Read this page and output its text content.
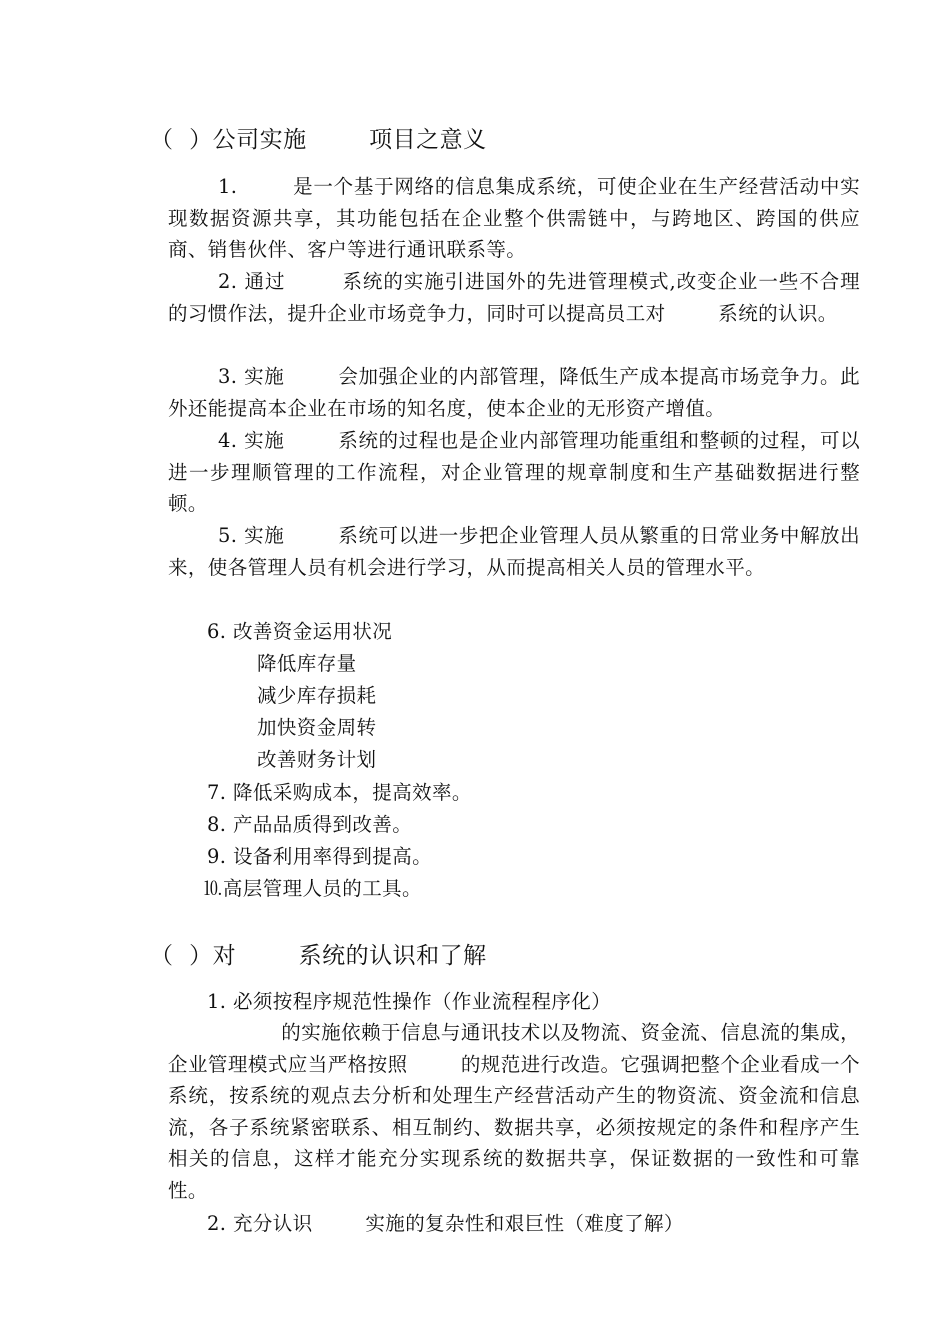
（  ）公司实施        项目之意义
1.        是一个基于网络的信息集成系统，可使企业在生产经营活动中实现数据资源共享，其功能包括在企业整个供需链中，与跨地区、跨国的供应商、销售伙伴、客户等进行通讯联系等。
2. 通过        系统的实施引进国外的先进管理模式,改变企业一些不合理的习惯作法，提升企业市场竞争力，同时可以提高员工对        系统的认识。
3. 实施        会加强企业的内部管理，降低生产成本提高市场竞争力。此外还能提高本企业在市场的知名度，使本企业的无形资产增值。
4. 实施        系统的过程也是企业内部管理功能重组和整顿的过程，可以进一步理顺管理的工作流程，对企业管理的规章制度和生产基础数据进行整顿。
5. 实施        系统可以进一步把企业管理人员从繁重的日常业务中解放出来，使各管理人员有机会进行学习，从而提高相关人员的管理水平。
6. 改善资金运用状况
降低库存量
减少库存损耗
加快资金周转
改善财务计划
7. 降低采购成本，提高效率。
8. 产品品质得到改善。
9. 设备利用率得到提高。
⒑高层管理人员的工具。
（  ）对        系统的认识和了解
1. 必须按程序规范性操作（作业流程程序化）
的实施依赖于信息与通讯技术以及物流、资金流、信息流的集成，企业管理模式应当严格按照        的规范进行改造。它强调把整个企业看成一个系统，按系统的观点去分析和处理生产经营活动产生的物资流、资金流和信息流，各子系统紧密联系、相互制约、数据共享，必须按规定的条件和程序产生相关的信息，这样才能充分实现系统的数据共享，保证数据的一致性和可靠性。
2. 充分认识        实施的复杂性和艰巨性（难度了解）
